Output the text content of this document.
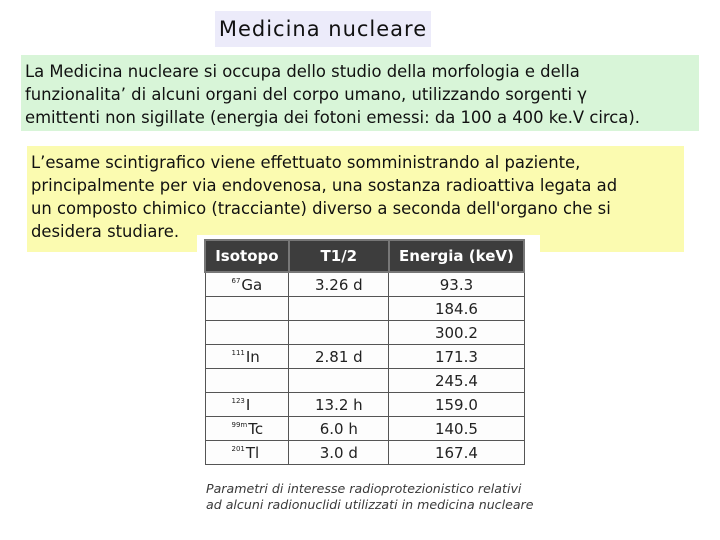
Medicina nucleare

La Medicina nucleare si occupa dello studio della morfologia e della

funzionalita’ di alcuni organi del corpo umano, utilizzando sorgenti γ

emittenti non sigillate (energia dei fotoni emessi: da 100 a 400 ke.V circa).

L’esame scintigrafico viene effettuato somministrando al paziente,

principalmente per via endovenosa, una sostanza radioattiva legata ad

un composto chimico (tracciante) diverso a seconda dell'organo che si

desidera studiare.

Isotopo	T1/2	Energia (keV)
$^{67}$Ga	3.26 d	93.3
		184.6
		300.2
$^{111}$In	2.81 d	171.3
		245.4
$^{123}$I	13.2 h	159.0
$^{99m}$Tc	6.0 h	140.5
$^{201}$Tl	3.0 d	167.4

Parametri di interesse radioprotezionistico relativi ad alcuni radionuclidi utilizzati in medicina nucleare
